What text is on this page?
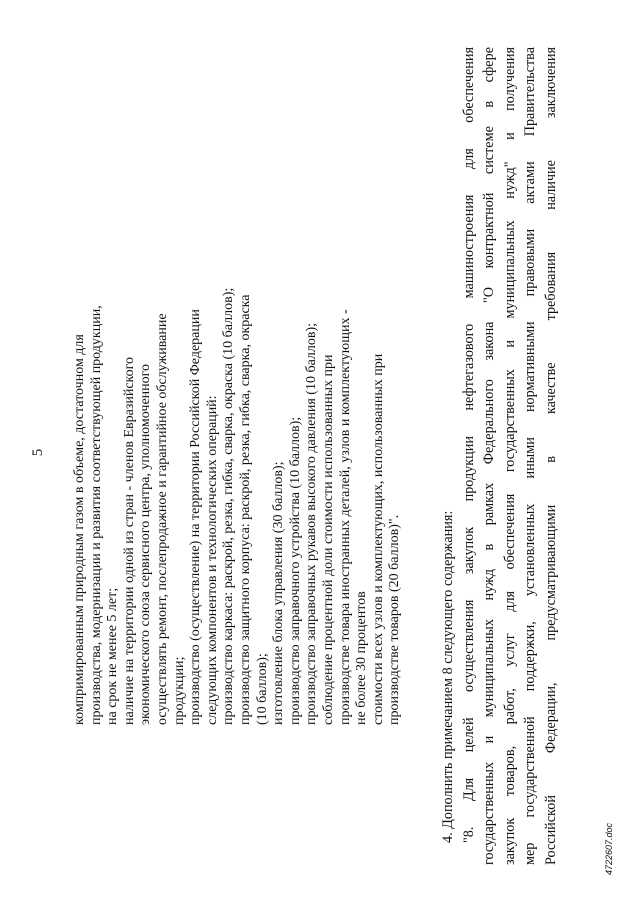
5 компримированным природным газом в объеме, достаточном для производства, модернизации и развития соответствующей продукции, на срок не менее 5 лет; наличие на территории одной из стран - членов Евразийского экономического союза сервисного центра, уполномоченного осуществлять ремонт, послепродажное и гарантийное обслуживание продукции; производство (осуществление) на территории Российской Федерации следующих компонентов и технологических операций: производство каркаса: раскрой, резка, гибка, сварка, окраска (10 баллов); производство защитного корпуса: раскрой, резка, гибка, сварка, окраска (10 баллов); изготовление блока управления (30 баллов); производство заправочного устройства (10 баллов); производство заправочных рукавов высокого давления (10 баллов); соблюдение процентной доли стоимости использованных при производстве товара иностранных деталей, узлов и комплектующих - не более 30 процентов стоимости всех узлов и комплектующих, использованных при производстве товаров (20 баллов)".	4. Дополнить примечанием 8 следующего содержания: "8. Для целей осуществления закупок продукции нефтегазового машиностроения для обеспечения государственных и муниципальных нужд в рамках Федерального закона "О контрактной системе в сфере закупок товаров, работ, услуг для обеспечения государственных и муниципальных нужд" и получения мер государственной поддержки, установленных иными нормативными правовыми актами Правительства Российской Федерации, предусматривающими в качестве требования наличие заключения	4722607.doc
